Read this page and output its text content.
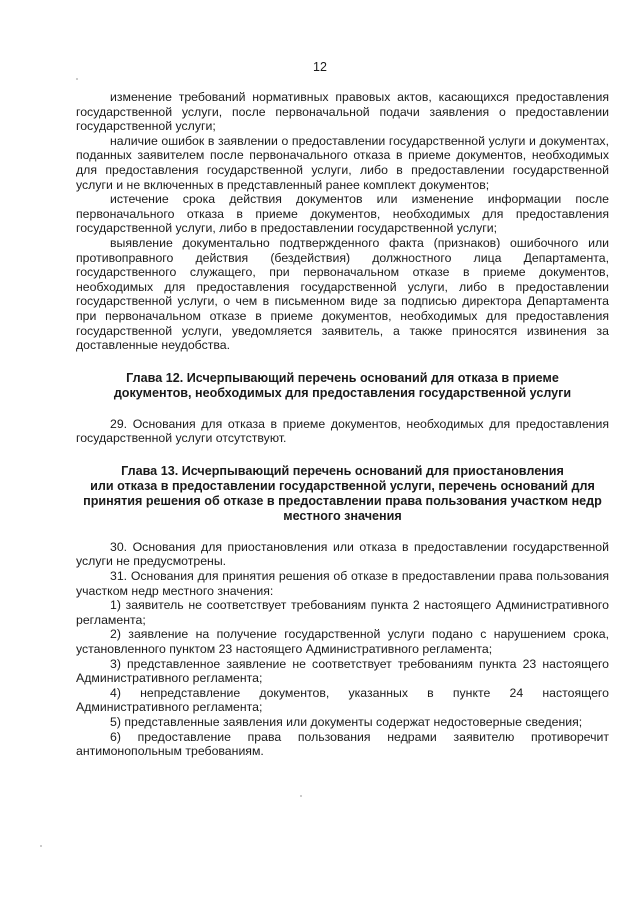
12

изменение требований нормативных правовых актов, касающихся предоставления государственной услуги, после первоначальной подачи заявления о предоставлении государственной услуги;

наличие ошибок в заявлении о предоставлении государственной услуги и документах, поданных заявителем после первоначального отказа в приеме документов, необходимых для предоставления государственной услуги, либо в предоставлении государственной услуги и не включенных в представленный ранее комплект документов;

истечение срока действия документов или изменение информации после первоначального отказа в приеме документов, необходимых для предоставления государственной услуги, либо в предоставлении государственной услуги;

выявление документально подтвержденного факта (признаков) ошибочного или противоправного действия (бездействия) должностного лица Департамента, государственного служащего, при первоначальном отказе в приеме документов, необходимых для предоставления государственной услуги, либо в предоставлении государственной услуги, о чем в письменном виде за подписью директора Департамента при первоначальном отказе в приеме документов, необходимых для предоставления государственной услуги, уведомляется заявитель, а также приносятся извинения за доставленные неудобства.

Глава 12. Исчерпывающий перечень оснований для отказа в приеме
документов, необходимых для предоставления государственной услуги

29. Основания для отказа в приеме документов, необходимых для предоставления государственной услуги отсутствуют.

Глава 13. Исчерпывающий перечень оснований для приостановления
или отказа в предоставлении государственной услуги, перечень оснований для
принятия решения об отказе в предоставлении права пользования участком недр
местного значения

30. Основания для приостановления или отказа в предоставлении государственной услуги не предусмотрены.

31. Основания для принятия решения об отказе в предоставлении права пользования участком недр местного значения:

1) заявитель не соответствует требованиям пункта 2 настоящего Административного регламента;

2) заявление на получение государственной услуги подано с нарушением срока, установленного пунктом 23 настоящего Административного регламента;

3) представленное заявление не соответствует требованиям пункта 23 настоящего Административного регламента;

4) непредставление документов, указанных в пункте 24 настоящего Административного регламента;

5) представленные заявления или документы содержат недостоверные сведения;

6) предоставление права пользования недрами заявителю противоречит антимонопольным требованиям.
